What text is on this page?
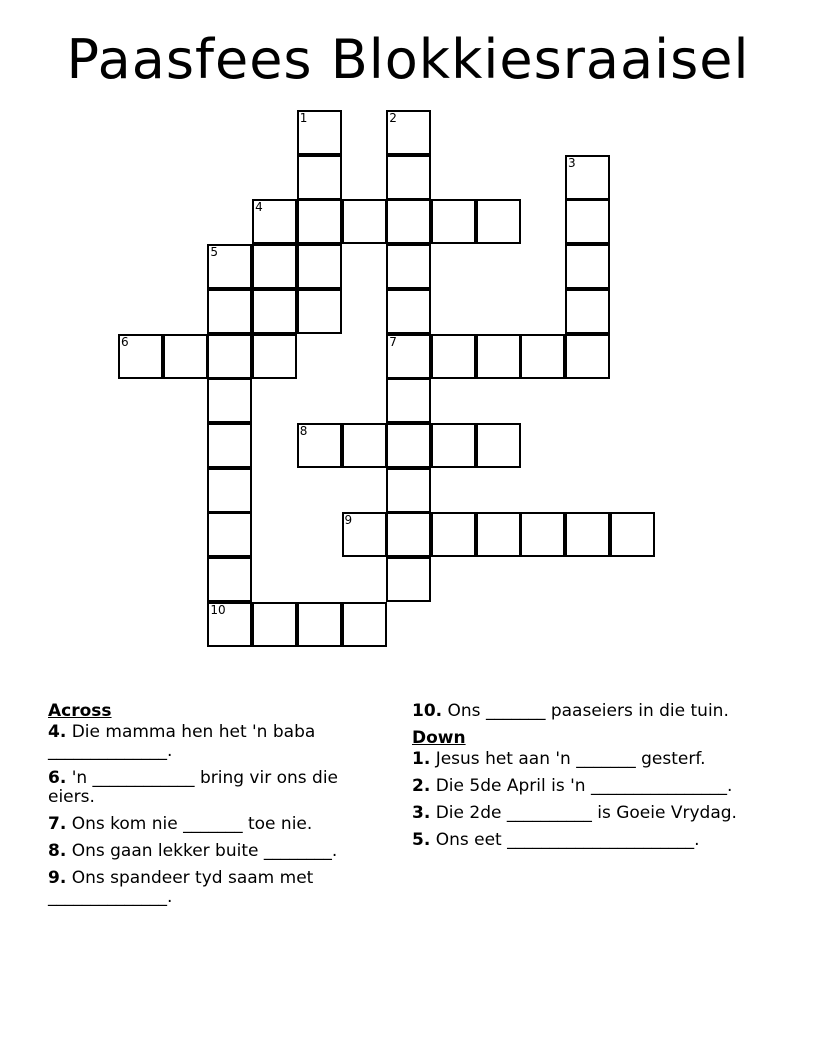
Paasfees Blokkiesraaisel
1	2
3
4
5
6	7
8
9
10
Across
4. Die mamma hen het 'n baba ______________.
6. 'n ____________ bring vir ons die eiers.
7. Ons kom nie _______ toe nie.
8. Ons gaan lekker buite ________.
9. Ons spandeer tyd saam met ______________.
10. Ons _______ paaseiers in die tuin.
Down
1. Jesus het aan 'n _______ gesterf.
2. Die 5de April is 'n ________________.
3. Die 2de __________ is Goeie Vrydag.
5. Ons eet ______________________.
